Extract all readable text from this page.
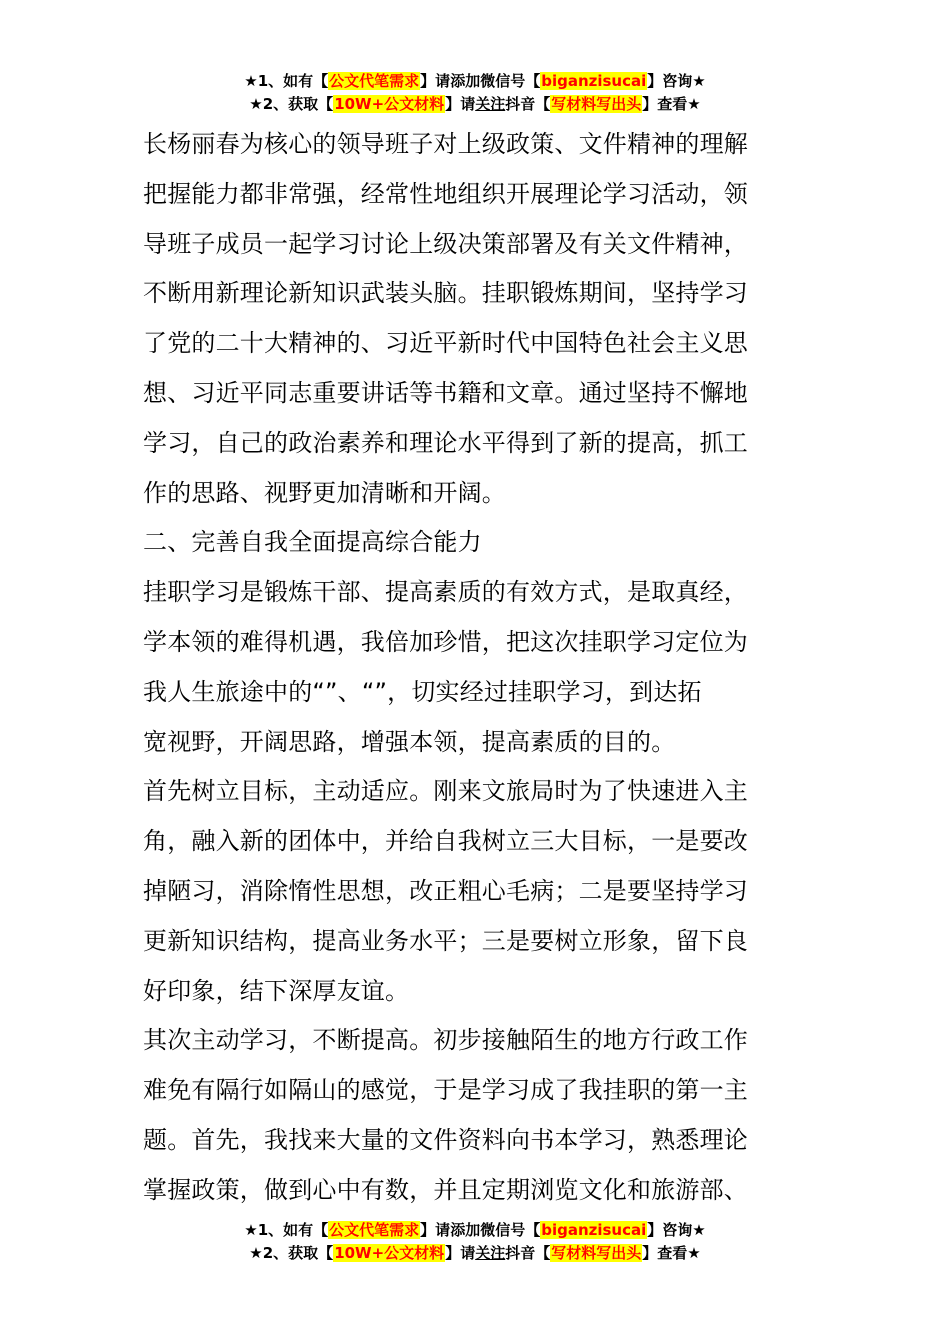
★1、如有【公文代笔需求】请添加微信号【biganzisucai】咨询★
★2、获取【10W+公文材料】请关注抖音【写材料写出头】查看★

长杨丽春为核心的领导班子对上级政策、文件精神的理解

把握能力都非常强，经常性地组织开展理论学习活动，领

导班子成员一起学习讨论上级决策部署及有关文件精神，

不断用新理论新知识武装头脑。挂职锻炼期间，坚持学习

了党的二十大精神的、习近平新时代中国特色社会主义思

想、习近平同志重要讲话等书籍和文章。通过坚持不懈地

学习，自己的政治素养和理论水平得到了新的提高，抓工

作的思路、视野更加清晰和开阔。

二、完善自我全面提高综合能力

挂职学习是锻炼干部、提高素质的有效方式，是取真经，

学本领的难得机遇，我倍加珍惜，把这次挂职学习定位为

我人生旅途中的“”、“”，切实经过挂职学习，到达拓

宽视野，开阔思路，增强本领，提高素质的目的。

首先树立目标，主动适应。刚来文旅局时为了快速进入主

角，融入新的团体中，并给自我树立三大目标，一是要改

掉陋习，消除惰性思想，改正粗心毛病；二是要坚持学习

更新知识结构，提高业务水平；三是要树立形象，留下良

好印象，结下深厚友谊。

其次主动学习，不断提高。初步接触陌生的地方行政工作

难免有隔行如隔山的感觉，于是学习成了我挂职的第一主

题。首先，我找来大量的文件资料向书本学习，熟悉理论

掌握政策，做到心中有数，并且定期浏览文化和旅游部、

★1、如有【公文代笔需求】请添加微信号【biganzisucai】咨询★
★2、获取【10W+公文材料】请关注抖音【写材料写出头】查看★
